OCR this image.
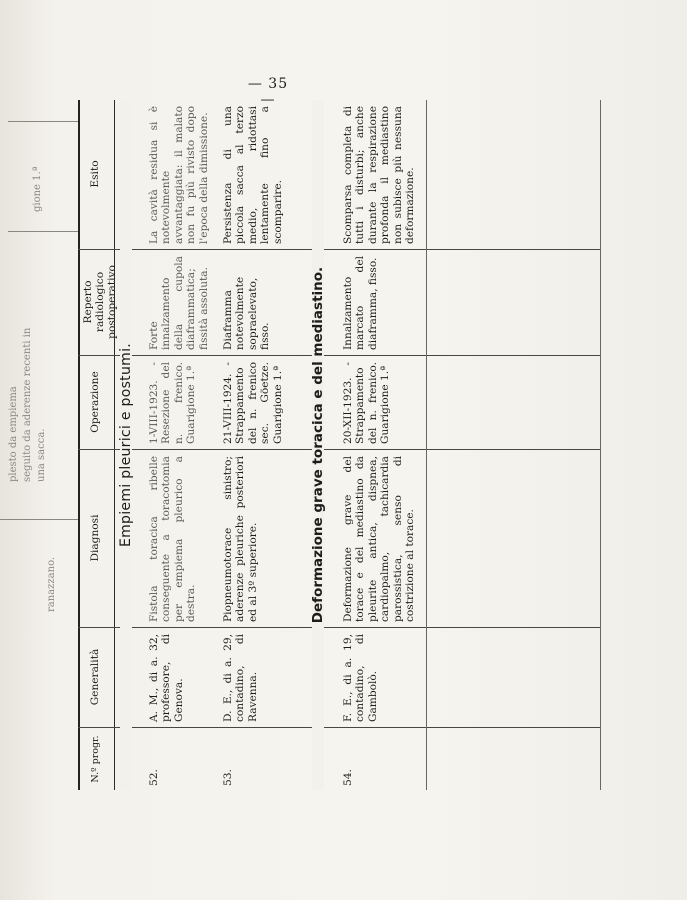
— 35 —
ranazzano.
plesto da empiema seguito da aderenze recenti in una sacca.
gione 1.ª
N.º progr.
Generalità
Diagnosi
Operazione
Reperto radiologico postoperativo
Esito
Empiemi pleurici e postumi.
52.
A. M., di a. 32, professore, di Genova.
Fistola toracica ribelle conseguente a toracotomia per empiema pleurico a destra.
1-VIII-1923. - Resezione del n. frenico. Guarigione 1.ª
Forte innalzamento della cupola diaframmatica; fissità assoluta.
La cavità residua si è notevolmente avvantaggiata: il malato non fu più rivisto dopo l'epoca della dimissione.
53.
D. E., di a. 29, contadino, di Ravenna.
Piopneumotorace sinistro; aderenze pleuriche posteriori ed al 3º superiore.
21-VIII-1924. - Strappamento del n. frenico sec. Göetze. Guarigione 1.ª
Diaframma notevolmente sopraelevato, fisso.
Persistenza di una piccola sacca al terzo medio, ridottasi lentamente fino a scomparire.
Deformazione grave toracica e del mediastino.
54.
F. E., di a. 19, contadino, di Gambolò.
Deformazione grave del torace e del mediastino da pleurite antica, dispnea, cardiopalmo, tachicardia parossistica, senso di costrizione al torace.
20-XII-1923. - Strappamento del n. frenico. Guarigione 1.ª
Innalzamento marcato del diaframma, fisso.
Scomparsa completa di tutti i disturbi; anche durante la respirazione profonda il mediastino non subisce più nessuna deformazione.
